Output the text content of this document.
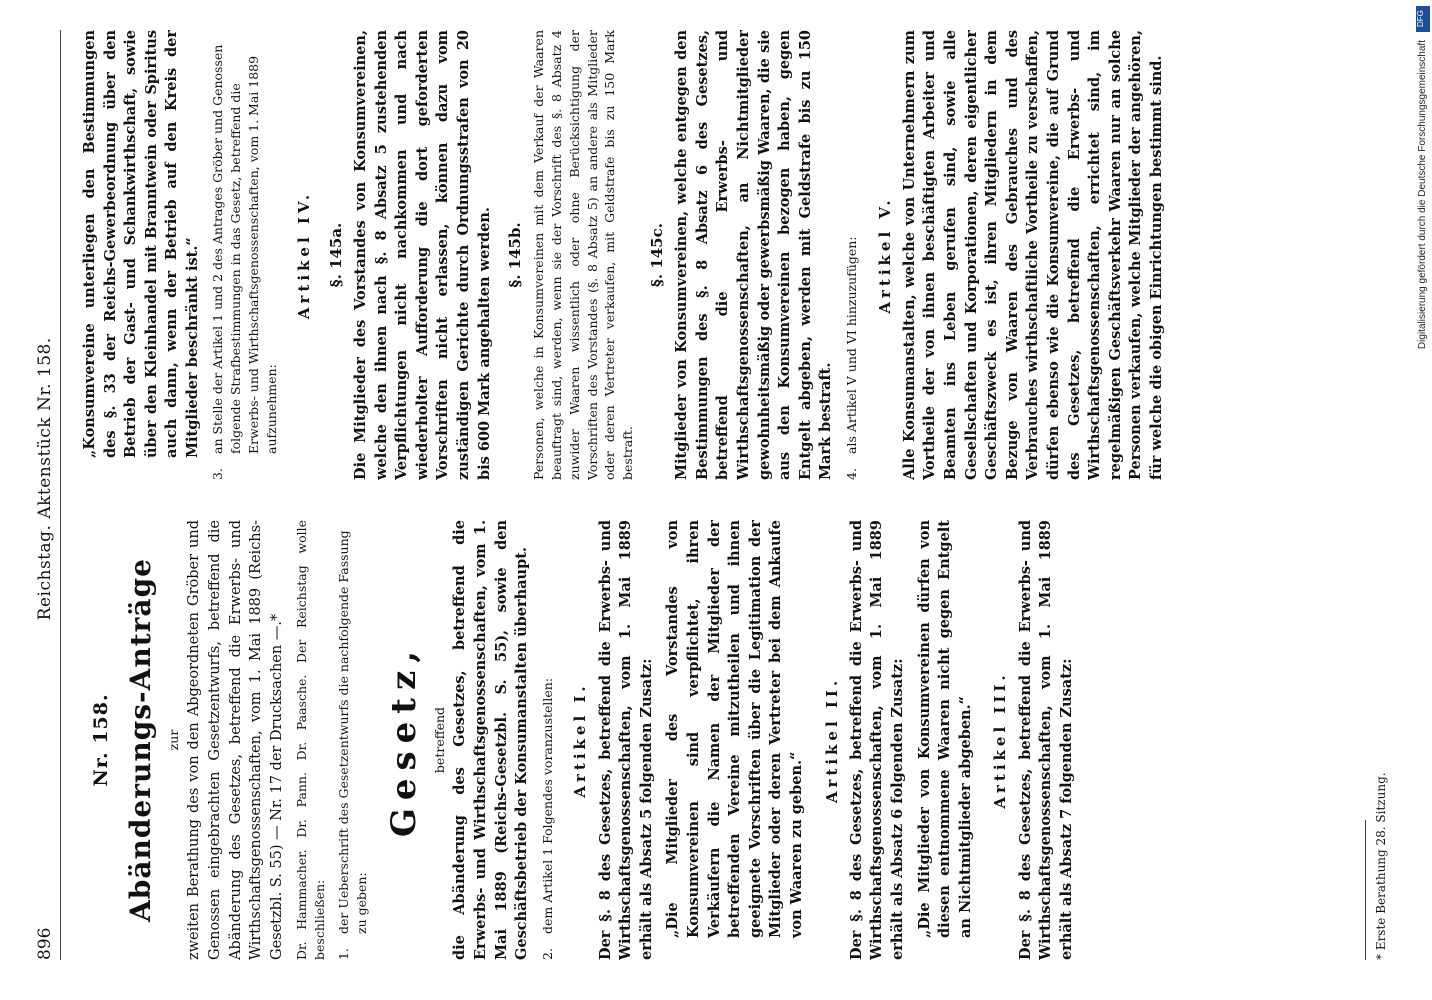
896
Reichstag. Aktenstück Nr. 158.
Nr. 158. Abänderungs-Anträge zur zweiten Berathung des von den Abgeordneten Gröber und Genossen eingebrachten Gesetzentwurfs, betreffend die Abänderung des Gesetzes, betreffend die Erwerbs- und Wirthschaftsgenossenschaften, vom 1. Mai 1889 (Reichs-Gesetzbl. S. 55) — Nr. 17 der Drucksachen —.* Dr. Hammacher. Dr. Pann. Dr. Paasche. Der Reichstag wolle beschließen: 1.
der Ueberschrift des Gesetzentwurfs die nachfolgende Fassung zu geben:
Gesetz, betreffend die Abänderung des Gesetzes, betreffend die Erwerbs- und Wirthschaftsgenossenschaften, vom 1. Mai 1889 (Reichs-Gesetzbl. S. 55), sowie den Geschäftsbetrieb der Konsumanstalten überhaupt. 2.
dem Artikel 1 Folgendes voranzustellen: Artikel I. Der §. 8 des Gesetzes, betreffend die Erwerbs- und Wirthschaftsgenossenschaften, vom 1. Mai 1889 erhält als Absatz 5 folgenden Zusatz: „Die Mitglieder des Vorstandes von Konsumvereinen sind verpflichtet, ihren Verkäufern die Namen der Mitglieder der betreffenden Vereine mitzutheilen und ihnen geeignete Vorschriften über die Legitimation der Mitglieder oder deren Vertreter bei dem Ankaufe von Waaren zu geben.“

Artikel II. Der §. 8 des Gesetzes, betreffend die Erwerbs- und Wirthschaftsgenossenschaften, vom 1. Mai 1889 erhält als Absatz 6 folgenden Zusatz: „Die Mitglieder von Konsumvereinen dürfen von diesen entnommene Waaren nicht gegen Entgelt an Nichtmitglieder abgeben.“ Artikel III. Der §. 8 des Gesetzes, betreffend die Erwerbs- und Wirthschaftsgenossenschaften, vom 1. Mai 1889 erhält als Absatz 7 folgenden Zusatz:

„Konsumvereine unterliegen den Bestimmungen des §. 33 der Reichs-Gewerbeordnung über den Betrieb der Gast- und Schankwirthschaft, sowie über den Kleinhandel mit Branntwein oder Spiritus auch dann, wenn der Betrieb auf den Kreis der Mitglieder beschränkt ist.“

3.
an Stelle der Artikel 1 und 2 des Antrages Gröber und Genossen folgende Strafbestimmungen in das Gesetz, betreffend die Erwerbs- und Wirthschaftsgenossenschaften, vom 1. Mai 1889 aufzunehmen:
Artikel IV. §. 145a. Die Mitglieder des Vorstandes von Konsumvereinen, welche den ihnen nach §. 8 Absatz 5 zustehenden Verpflichtungen nicht nachkommen und nach wiederholter Aufforderung die dort geforderten Vorschriften nicht erlassen, können dazu vom zuständigen Gerichte durch Ordnungsstrafen von 20 bis 600 Mark angehalten werden. §. 145b. Personen, welche in Konsumvereinen mit dem Verkauf der Waaren beauftragt sind, werden, wenn sie der Vorschrift des §. 8 Absatz 4 zuwider Waaren wissentlich oder ohne Berücksichtigung der Vorschriften des Vorstandes (§. 8 Absatz 5) an andere als Mitglieder oder deren Vertreter verkaufen, mit Geldstrafe bis zu 150 Mark bestraft.

§. 145c. Mitglieder von Konsumvereinen, welche entgegen den Bestimmungen des §. 8 Absatz 6 des Gesetzes, betreffend die Erwerbs- und Wirthschaftsgenossenschaften, an Nichtmitglieder gewohnheitsmäßig oder gewerbsmäßig Waaren, die sie aus den Konsumvereinen bezogen haben, gegen Entgelt abgeben, werden mit Geldstrafe bis zu 150 Mark bestraft. 4.
als Artikel V und VI hinzuzufügen: Artikel V. Alle Konsumanstalten, welche von Unternehmern zum Vortheile der von ihnen beschäftigten Arbeiter und Beamten ins Leben gerufen sind, sowie alle Gesellschaften und Korporationen, deren eigentlicher Geschäftszweck es ist, ihren Mitgliedern in dem Bezuge von Waaren des Gebrauches und des Verbrauches wirthschaftliche Vortheile zu verschaffen, dürfen ebenso wie die Konsumvereine, die auf Grund des Gesetzes, betreffend die Erwerbs- und Wirthschaftsgenossenschaften, errichtet sind, im regelmäßigen Geschäftsverkehr Waaren nur an solche Personen verkaufen, welche Mitglieder der angehören, für welche die obigen Einrichtungen bestimmt sind.

* Erste Berathung 28. Sitzung.
DFG
Digitalisierung gefördert durch die Deutsche Forschungsgemeinschaft
